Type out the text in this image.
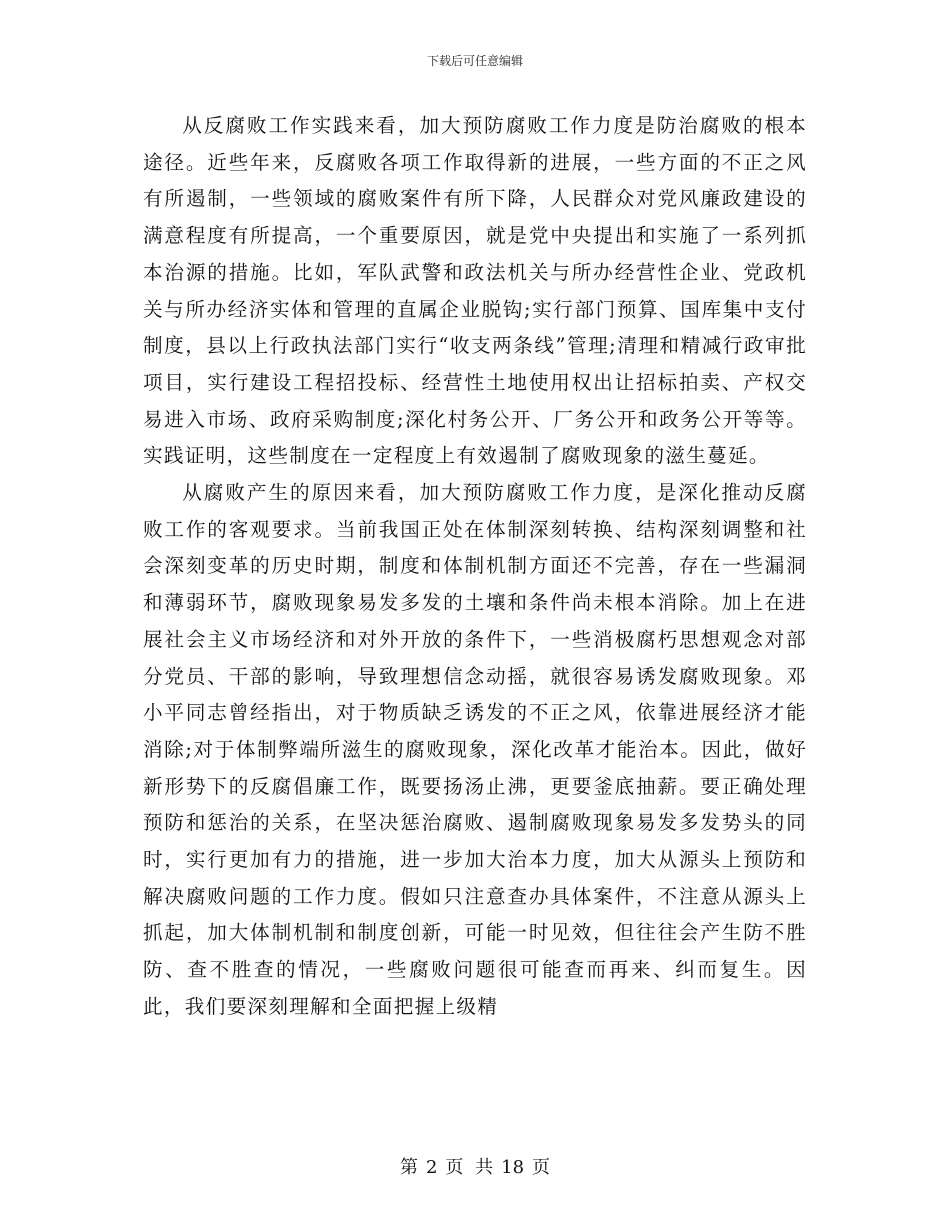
下载后可任意编辑

从反腐败工作实践来看，加大预防腐败工作力度是防治腐败的根本途径。近些年来，反腐败各项工作取得新的进展，一些方面的不正之风有所遏制，一些领域的腐败案件有所下降，人民群众对党风廉政建设的满意程度有所提高，一个重要原因，就是党中央提出和实施了一系列抓本治源的措施。比如，军队武警和政法机关与所办经营性企业、党政机关与所办经济实体和管理的直属企业脱钩;实行部门预算、国库集中支付制度，县以上行政执法部门实行“收支两条线”管理;清理和精减行政审批项目，实行建设工程招投标、经营性土地使用权出让招标拍卖、产权交易进入市场、政府采购制度;深化村务公开、厂务公开和政务公开等等。实践证明，这些制度在一定程度上有效遏制了腐败现象的滋生蔓延。

从腐败产生的原因来看，加大预防腐败工作力度，是深化推动反腐败工作的客观要求。当前我国正处在体制深刻转换、结构深刻调整和社会深刻变革的历史时期，制度和体制机制方面还不完善，存在一些漏洞和薄弱环节，腐败现象易发多发的土壤和条件尚未根本消除。加上在进展社会主义市场经济和对外开放的条件下，一些消极腐朽思想观念对部分党员、干部的影响，导致理想信念动摇，就很容易诱发腐败现象。邓小平同志曾经指出，对于物质缺乏诱发的不正之风，依靠进展经济才能消除;对于体制弊端所滋生的腐败现象，深化改革才能治本。因此，做好新形势下的反腐倡廉工作，既要扬汤止沸，更要釜底抽薪。要正确处理预防和惩治的关系，在坚决惩治腐败、遏制腐败现象易发多发势头的同时，实行更加有力的措施，进一步加大治本力度，加大从源头上预防和解决腐败问题的工作力度。假如只注意查办具体案件，不注意从源头上抓起，加大体制机制和制度创新，可能一时见效，但往往会产生防不胜防、查不胜查的情况，一些腐败问题很可能查而再来、纠而复生。因此，我们要深刻理解和全面把握上级精

第 2 页 共 18 页
